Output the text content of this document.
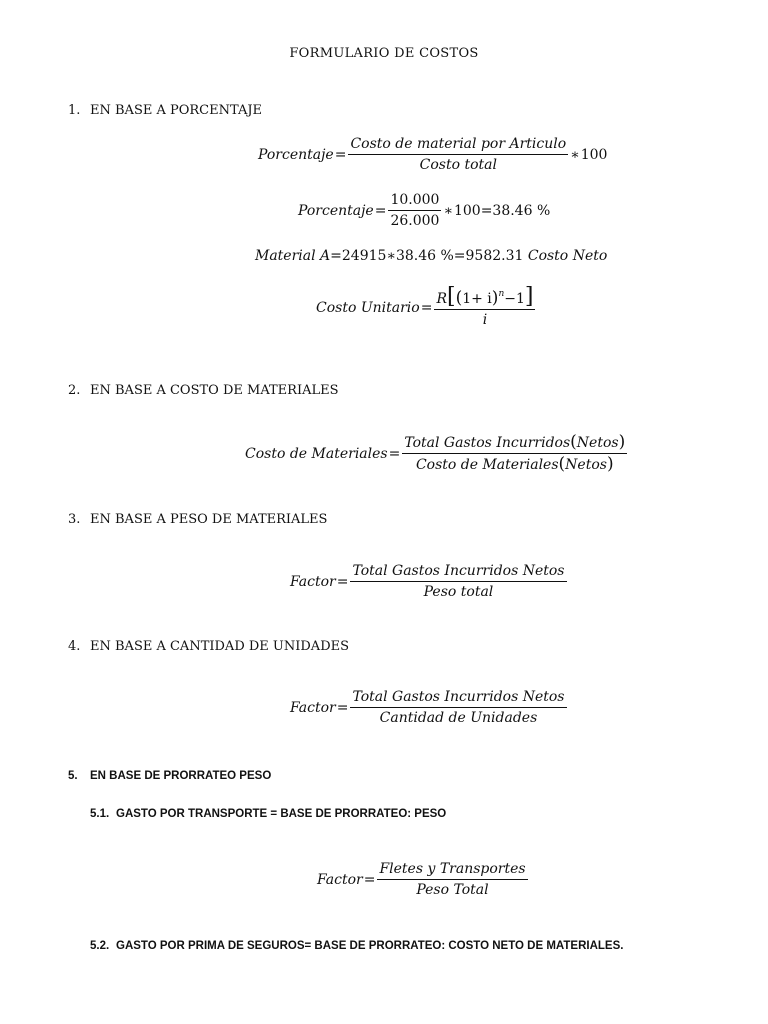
FORMULARIO DE COSTOS
1. EN BASE A PORCENTAJE
Porcentaje = $\frac{\text{Costo de material por Articulo}}{\text{Costo total}}$ ∗ 100
Porcentaje = $\frac{10.000}{26.000}$ ∗ 100=38.46 %
Material A =24915∗38.46 %=9582.31
Costo Neto
Costo Unitario = $\frac{R[(1+ i)^n-1]}{i}$
2. EN BASE A COSTO DE MATERIALES
Costo de Materiales = $\frac{\text{Total Gastos Incurridos(Netos)}}{\text{Costo de Materiales(Netos)}}$
3. EN BASE A PESO DE MATERIALES
Factor = $\frac{\text{Total Gastos Incurridos Netos}}{\text{Peso total}}$
4. EN BASE A CANTIDAD DE UNIDADES
Factor = $\frac{\text{Total Gastos Incurridos Netos}}{\text{Cantidad de Unidades}}$
5. EN BASE DE PRORRATEO PESO
5.1. GASTO POR TRANSPORTE = BASE DE PRORRATEO: PESO
Factor = $\frac{\text{Fletes y Transportes}}{\text{Peso Total}}$
5.2. GASTO POR PRIMA DE SEGUROS= BASE DE PRORRATEO: COSTO NETO DE MATERIALES.
